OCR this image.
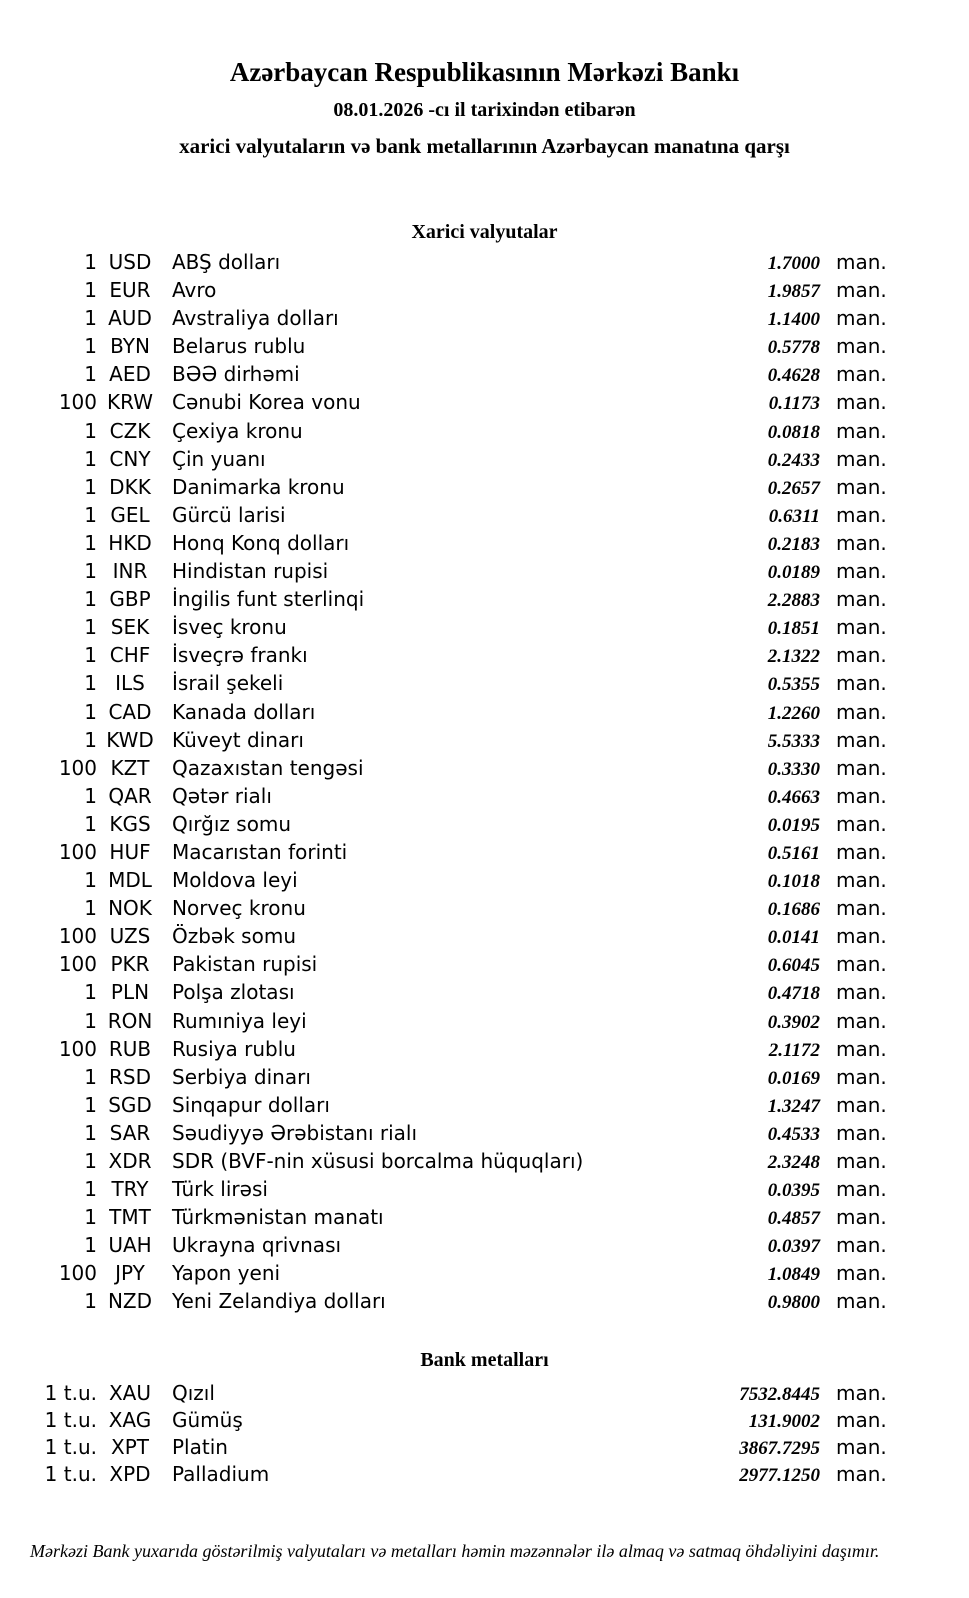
Azərbaycan Respublikasının Mərkəzi Bankı
08.01.2026 -cı il tarixindən etibarən
xarici valyutaların və bank metallarının Azərbaycan manatına qarşı
Xarici valyutalar
1 USD	ABŞ dolları	1.7000 man.
1 EUR	Avro	1.9857 man.
1 AUD	Avstraliya dolları	1.1400 man.
1 BYN	Belarus rublu	0.5778 man.
1 AED	BƏƏ dirhəmi	0.4628 man.
100 KRW Cənubi Korea vonu	0.1173 man.
1 CZK	Çexiya kronu	0.0818 man.
1 CNY	Çin yuanı	0.2433 man.
1 DKK	Danimarka kronu	0.2657 man.
1 GEL	Gürcü larisi	0.6311 man.
1 HKD	Honq Konq dolları	0.2183 man.
1 INR	Hindistan rupisi	0.0189 man.
1 GBP	İngilis funt sterlinqi	2.2883 man.
1 SEK	İsveç kronu	0.1851 man.
1 CHF	İsveçrə frankı	2.1322 man.
1 ILS	İsrail şekeli	0.5355 man.
1 CAD	Kanada dolları	1.2260 man.
1 KWD Küveyt dinarı	5.5333 man.
100 KZT	Qazaxıstan tengəsi	0.3330 man.
1 QAR	Qətər rialı	0.4663 man.
1 KGS	Qırğız somu	0.0195 man.
100 HUF	Macarıstan forinti	0.5161 man.
1 MDL	Moldova leyi	0.1018 man.
1 NOK	Norveç kronu	0.1686 man.
100 UZS	Özbək somu	0.0141 man.
100 PKR	Pakistan rupisi	0.6045 man.
1 PLN	Polşa zlotası	0.4718 man.
1 RON Rumıniya leyi	0.3902 man.
100 RUB	Rusiya rublu	2.1172 man.
1 RSD	Serbiya dinarı	0.0169 man.
1 SGD	Sinqapur dolları	1.3247 man.
1 SAR	Səudiyyə Ərəbistanı rialı	0.4533 man.
1 XDR	SDR (BVF-nin xüsusi borcalma hüquqları)	2.3248 man.
1 TRY	Türk lirəsi	0.0395 man.
1 TMT	Türkmənistan manatı	0.4857 man.
1 UAH	Ukrayna qrivnası	0.0397 man.
100 JPY	Yapon yeni	1.0849 man.
1 NZD Yeni Zelandiya dolları	0.9800 man.
Bank metalları
1 t.u. XAU	Qızıl	7532.8445 man.
1 t.u. XAG	Gümüş	131.9002 man.
1 t.u. XPT	Platin	3867.7295 man.
1 t.u. XPD	Palladium	2977.1250 man.
Mərkəzi Bank yuxarıda göstərilmiş valyutaları və metalları həmin məzənnələr ilə almaq və satmaq öhdəliyini daşımır.
